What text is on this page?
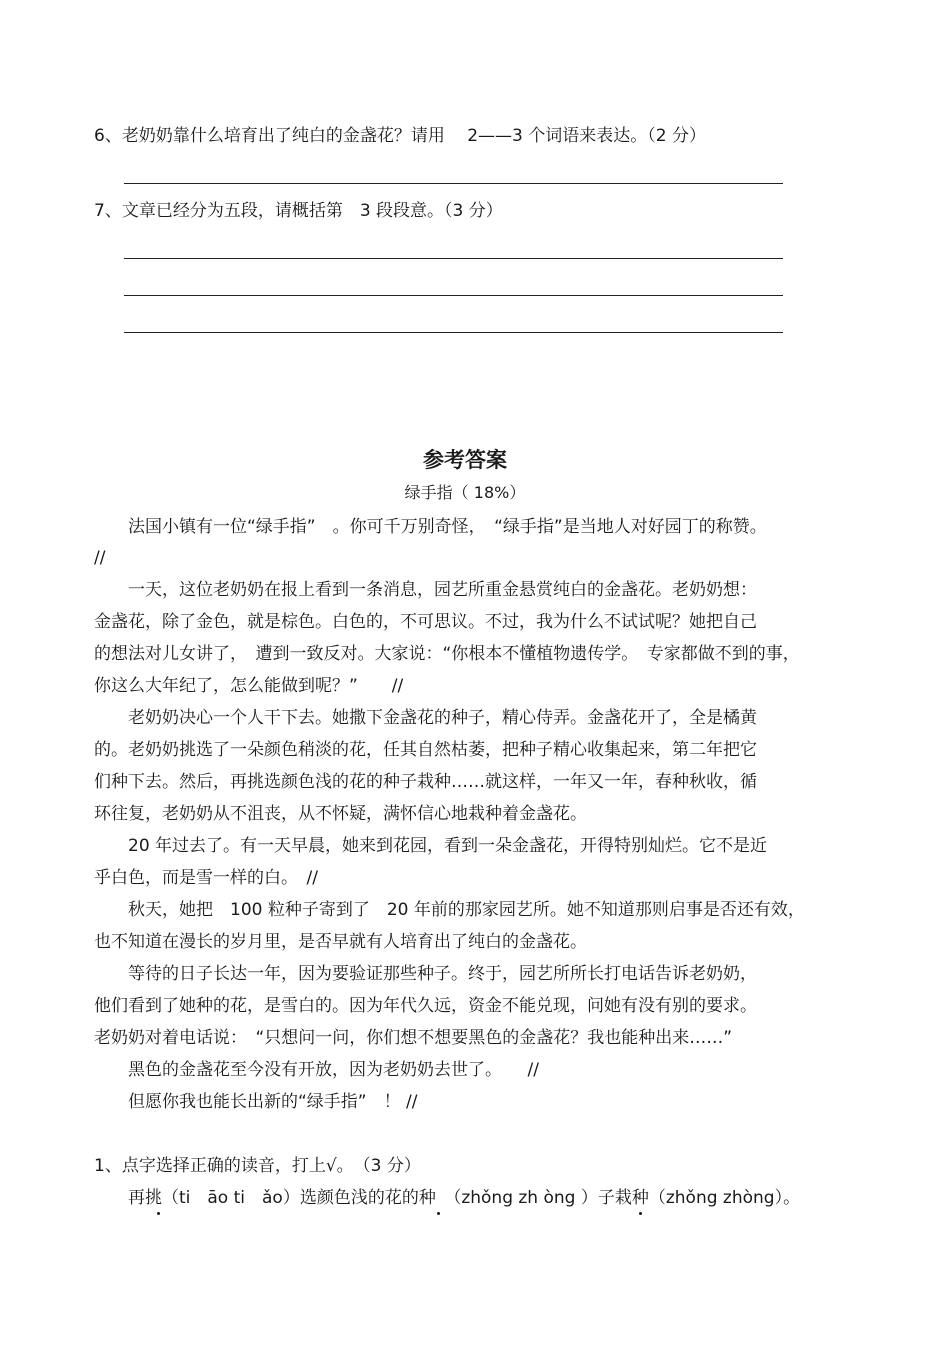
6、老奶奶靠什么培育出了纯白的金盏花？请用　 2——3 个词语来表达。（2 分）

7、文章已经分为五段，请概括第　3 段段意。（3 分）

参考答案
绿手指（ 18%）

　　法国小镇有一位“绿手指”　。你可千万别奇怪，　“绿手指”是当地人对好园丁的称赞。

//

　　一天，这位老奶奶在报上看到一条消息，园艺所重金悬赏纯白的金盏花。老奶奶想：

金盏花，除了金色，就是棕色。白色的，不可思议。不过，我为什么不试试呢？她把自己

的想法对儿女讲了，　遭到一致反对。大家说：“你根本不懂植物遗传学。　专家都做不到的事，

你这么大年纪了，怎么能做到呢？”　　//

　　老奶奶决心一个人干下去。她撒下金盏花的种子，精心侍弄。金盏花开了，全是橘黄

的。老奶奶挑选了一朵颜色稍淡的花，任其自然枯萎，把种子精心收集起来，第二年把它

们种下去。然后，再挑选颜色浅的花的种子栽种……就这样，一年又一年，春种秋收，循

环往复，老奶奶从不沮丧，从不怀疑，满怀信心地栽种着金盏花。

　　20 年过去了。有一天早晨，她来到花园，看到一朵金盏花，开得特别灿烂。它不是近

乎白色，而是雪一样的白。　//

　　秋天，她把　100 粒种子寄到了　20 年前的那家园艺所。她不知道那则启事是否还有效，

也不知道在漫长的岁月里，是否早就有人培育出了纯白的金盏花。

　　等待的日子长达一年，因为要验证那些种子。终于，园艺所所长打电话告诉老奶奶，

他们看到了她种的花，是雪白的。因为年代久远，资金不能兑现，问她有没有别的要求。

老奶奶对着电话说：　“只想问一问，你们想不想要黑色的金盏花？我也能种出来……”

　　黑色的金盏花至今没有开放，因为老奶奶去世了。　　//

　　但愿你我也能长出新的“绿手指”　！ //

1、点字选择正确的读音，打上√。　（3 分）

　　再挑（ti　āo ti　ǎo）选颜色浅的花的种　（zhǒng zh òng ）子栽种（zhǒng zhòng）。
